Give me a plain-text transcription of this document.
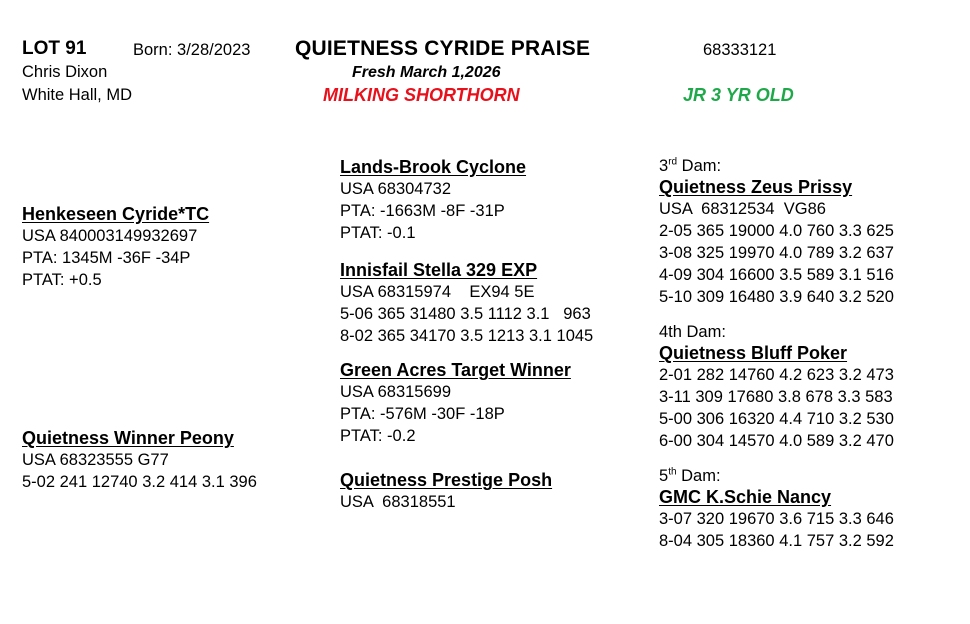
LOT 91	Born: 3/28/2023 QUIETNESS CYRIDE PRAISE	68333121
Chris Dixon	Fresh March 1,2026
White Hall, MD	MILKING SHORTHORN	JR 3 YR OLD
Henkeseen Cyride*TC
USA 840003149932697
PTA: 1345M -36F -34P
PTAT: +0.5
Quietness Winner Peony
USA 68323555 G77
5-02 241 12740 3.2 414 3.1 396
Lands-Brook Cyclone
USA 68304732
PTA: -1663M -8F -31P
PTAT: -0.1
Innisfail Stella 329 EXP
USA 68315974    EX94 5E
5-06 365 31480 3.5 1112 3.1   963
8-02 365 34170 3.5 1213 3.1 1045
Green Acres Target Winner
USA 68315699
PTA: -576M -30F -18P
PTAT: -0.2
Quietness Prestige Posh
USA  68318551
3rd Dam:
Quietness Zeus Prissy
USA  68312534  VG86
2-05 365 19000 4.0 760 3.3 625
3-08 325 19970 4.0 789 3.2 637
4-09 304 16600 3.5 589 3.1 516
5-10 309 16480 3.9 640 3.2 520
4th Dam:
Quietness Bluff Poker
2-01 282 14760 4.2 623 3.2 473
3-11 309 17680 3.8 678 3.3 583
5-00 306 16320 4.4 710 3.2 530
6-00 304 14570 4.0 589 3.2 470
5th Dam:
GMC K.Schie Nancy
3-07 320 19670 3.6 715 3.3 646
8-04 305 18360 4.1 757 3.2 592
